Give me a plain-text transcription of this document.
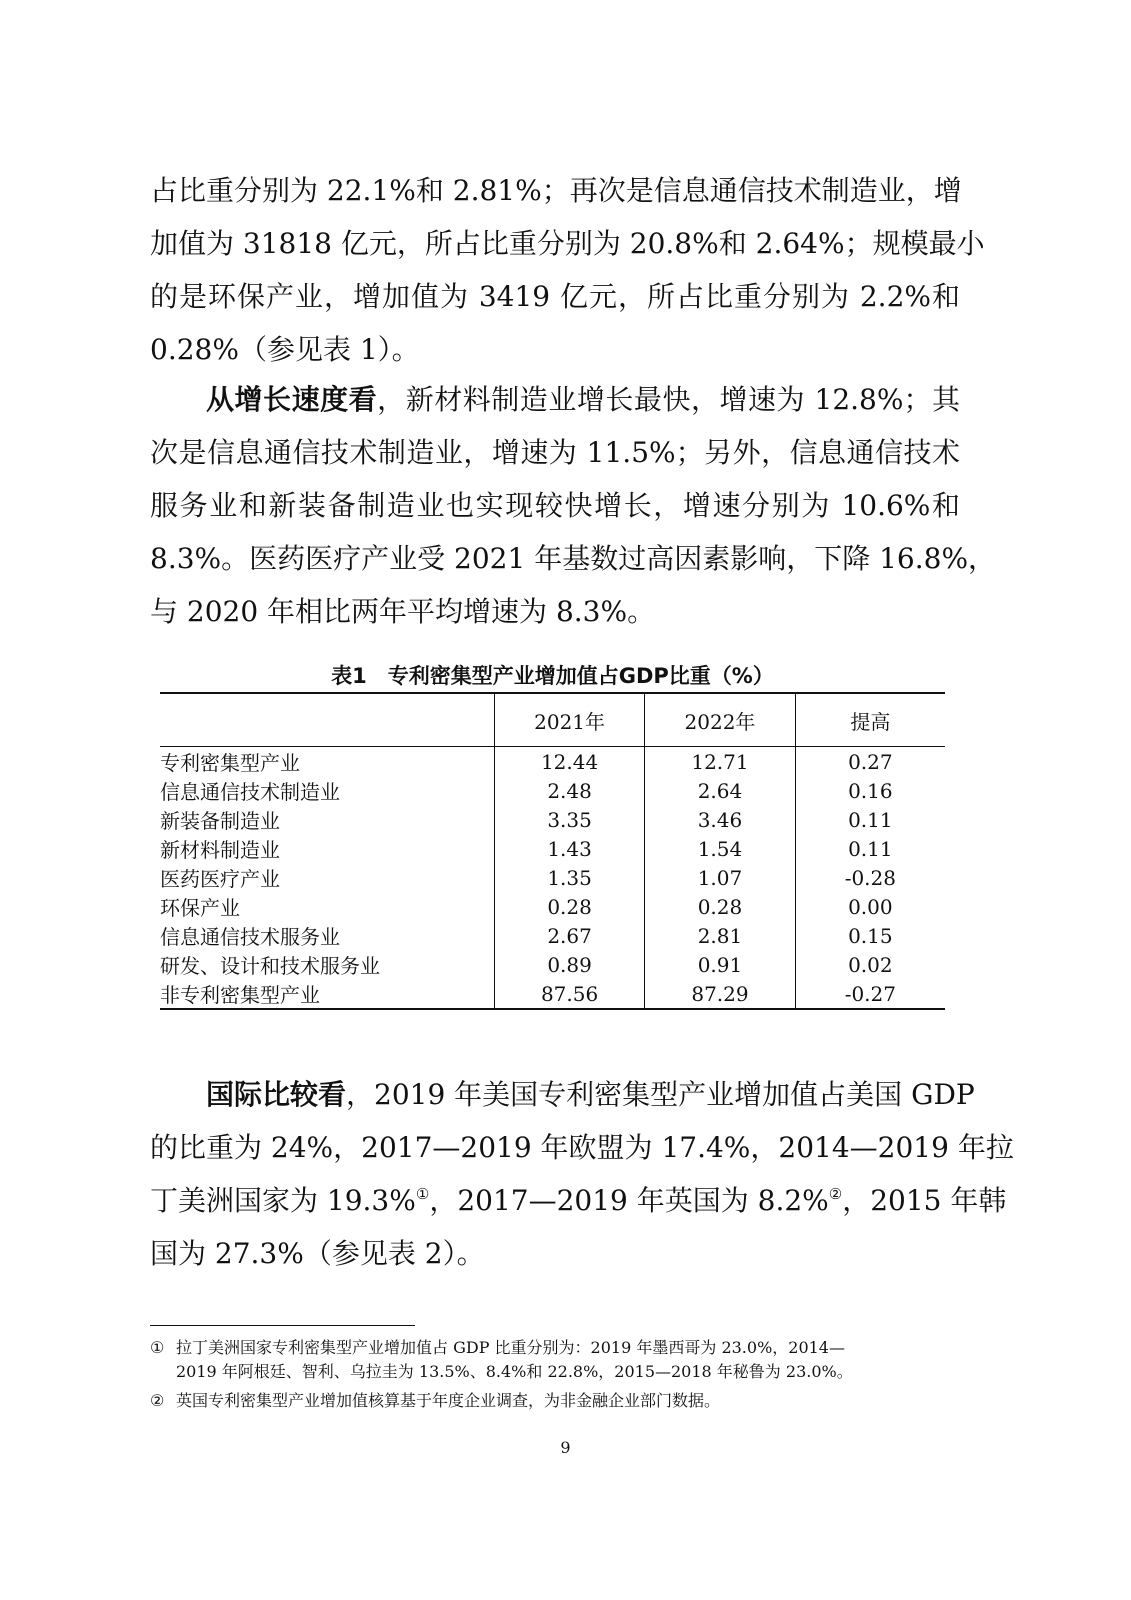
占比重分别为 22.1%和 2.81%；再次是信息通信技术制造业，增
加值为 31818 亿元，所占比重分别为 20.8%和 2.64%；规模最小
的是环保产业，增加值为 3419 亿元，所占比重分别为 2.2%和
0.28%（参见表 1）。

从增长速度看，新材料制造业增长最快，增速为 12.8%；其
次是信息通信技术制造业，增速为 11.5%；另外，信息通信技术
服务业和新装备制造业也实现较快增长，增速分别为 10.6%和
8.3%。医药医疗产业受 2021 年基数过高因素影响，下降 16.8%，
与 2020 年相比两年平均增速为 8.3%。

表1　专利密集型产业增加值占GDP比重（%）
	2021年	2022年	提高
专利密集型产业	12.44	12.71	0.27
信息通信技术制造业	2.48	2.64	0.16
新装备制造业	3.35	3.46	0.11
新材料制造业	1.43	1.54	0.11
医药医疗产业	1.35	1.07	-0.28
环保产业	0.28	0.28	0.00
信息通信技术服务业	2.67	2.81	0.15
研发、设计和技术服务业	0.89	0.91	0.02
非专利密集型产业	87.56	87.29	-0.27

国际比较看，2019 年美国专利密集型产业增加值占美国 GDP
的比重为 24%，2017—2019 年欧盟为 17.4%，2014—2019 年拉
丁美洲国家为 19.3%①，2017—2019 年英国为 8.2%②，2015 年韩
国为 27.3%（参见表 2）。

① 拉丁美洲国家专利密集型产业增加值占 GDP 比重分别为：2019 年墨西哥为 23.0%，2014—
2019 年阿根廷、智利、乌拉圭为 13.5%、8.4%和 22.8%，2015—2018 年秘鲁为 23.0%。
② 英国专利密集型产业增加值核算基于年度企业调查，为非金融企业部门数据。
9
